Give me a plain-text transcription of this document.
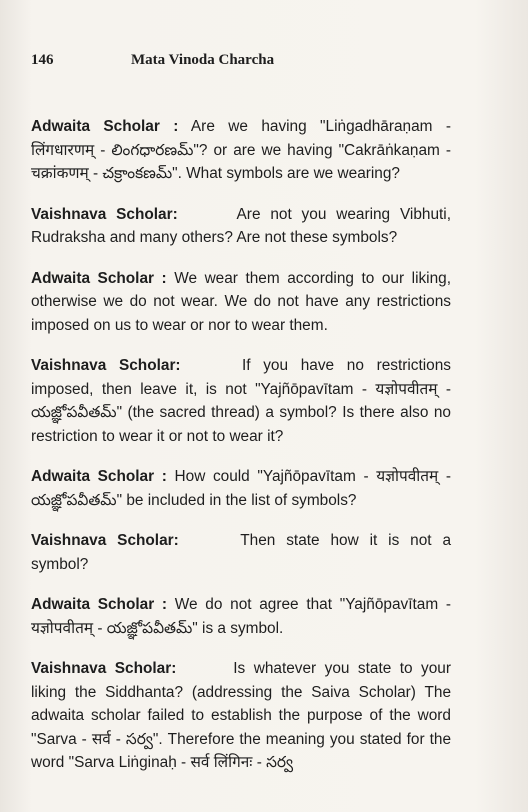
146	Mata Vinoda Charcha

Adwaita Scholar : Are we having "Liṅgadhāraṇam - लिंगधारणम् - లింగధారణమ్"? or are we having "Cakrāṅkaṇam - चक्रांकणम् - చక్రాంకణమ్". What symbols are we wearing?

Vaishnava Scholar:	Are not you wearing Vibhuti, Rudraksha and many others? Are not these symbols?

Adwaita Scholar : We wear them according to our liking, otherwise we do not wear. We do not have any restrictions imposed on us to wear or nor to wear them.

Vaishnava Scholar:	If you have no restrictions imposed, then leave it, is not "Yajñōpavītam - यज्ञोपवीतम् - యజ్ఞోపవీతమ్" (the sacred thread) a symbol? Is there also no restriction to wear it or not to wear it?

Adwaita Scholar : How could "Yajñōpavītam - यज्ञोपवीतम् - యజ్ఞోపవీతమ్" be included in the list of symbols?

Vaishnava Scholar:	Then state how it is not a symbol?

Adwaita Scholar : We do not agree that "Yajñōpavītam - यज्ञोपवीतम् - యజ్ఞోపవీతమ్" is a symbol.

Vaishnava Scholar:	Is whatever you state to your liking the Siddhanta? (addressing the Saiva Scholar) The adwaita scholar failed to establish the purpose of the word "Sarva - सर्व - సర్వ". Therefore the meaning you stated for the word "Sarva Liṅginaḥ - सर्व लिंगिनः - సర్వ
